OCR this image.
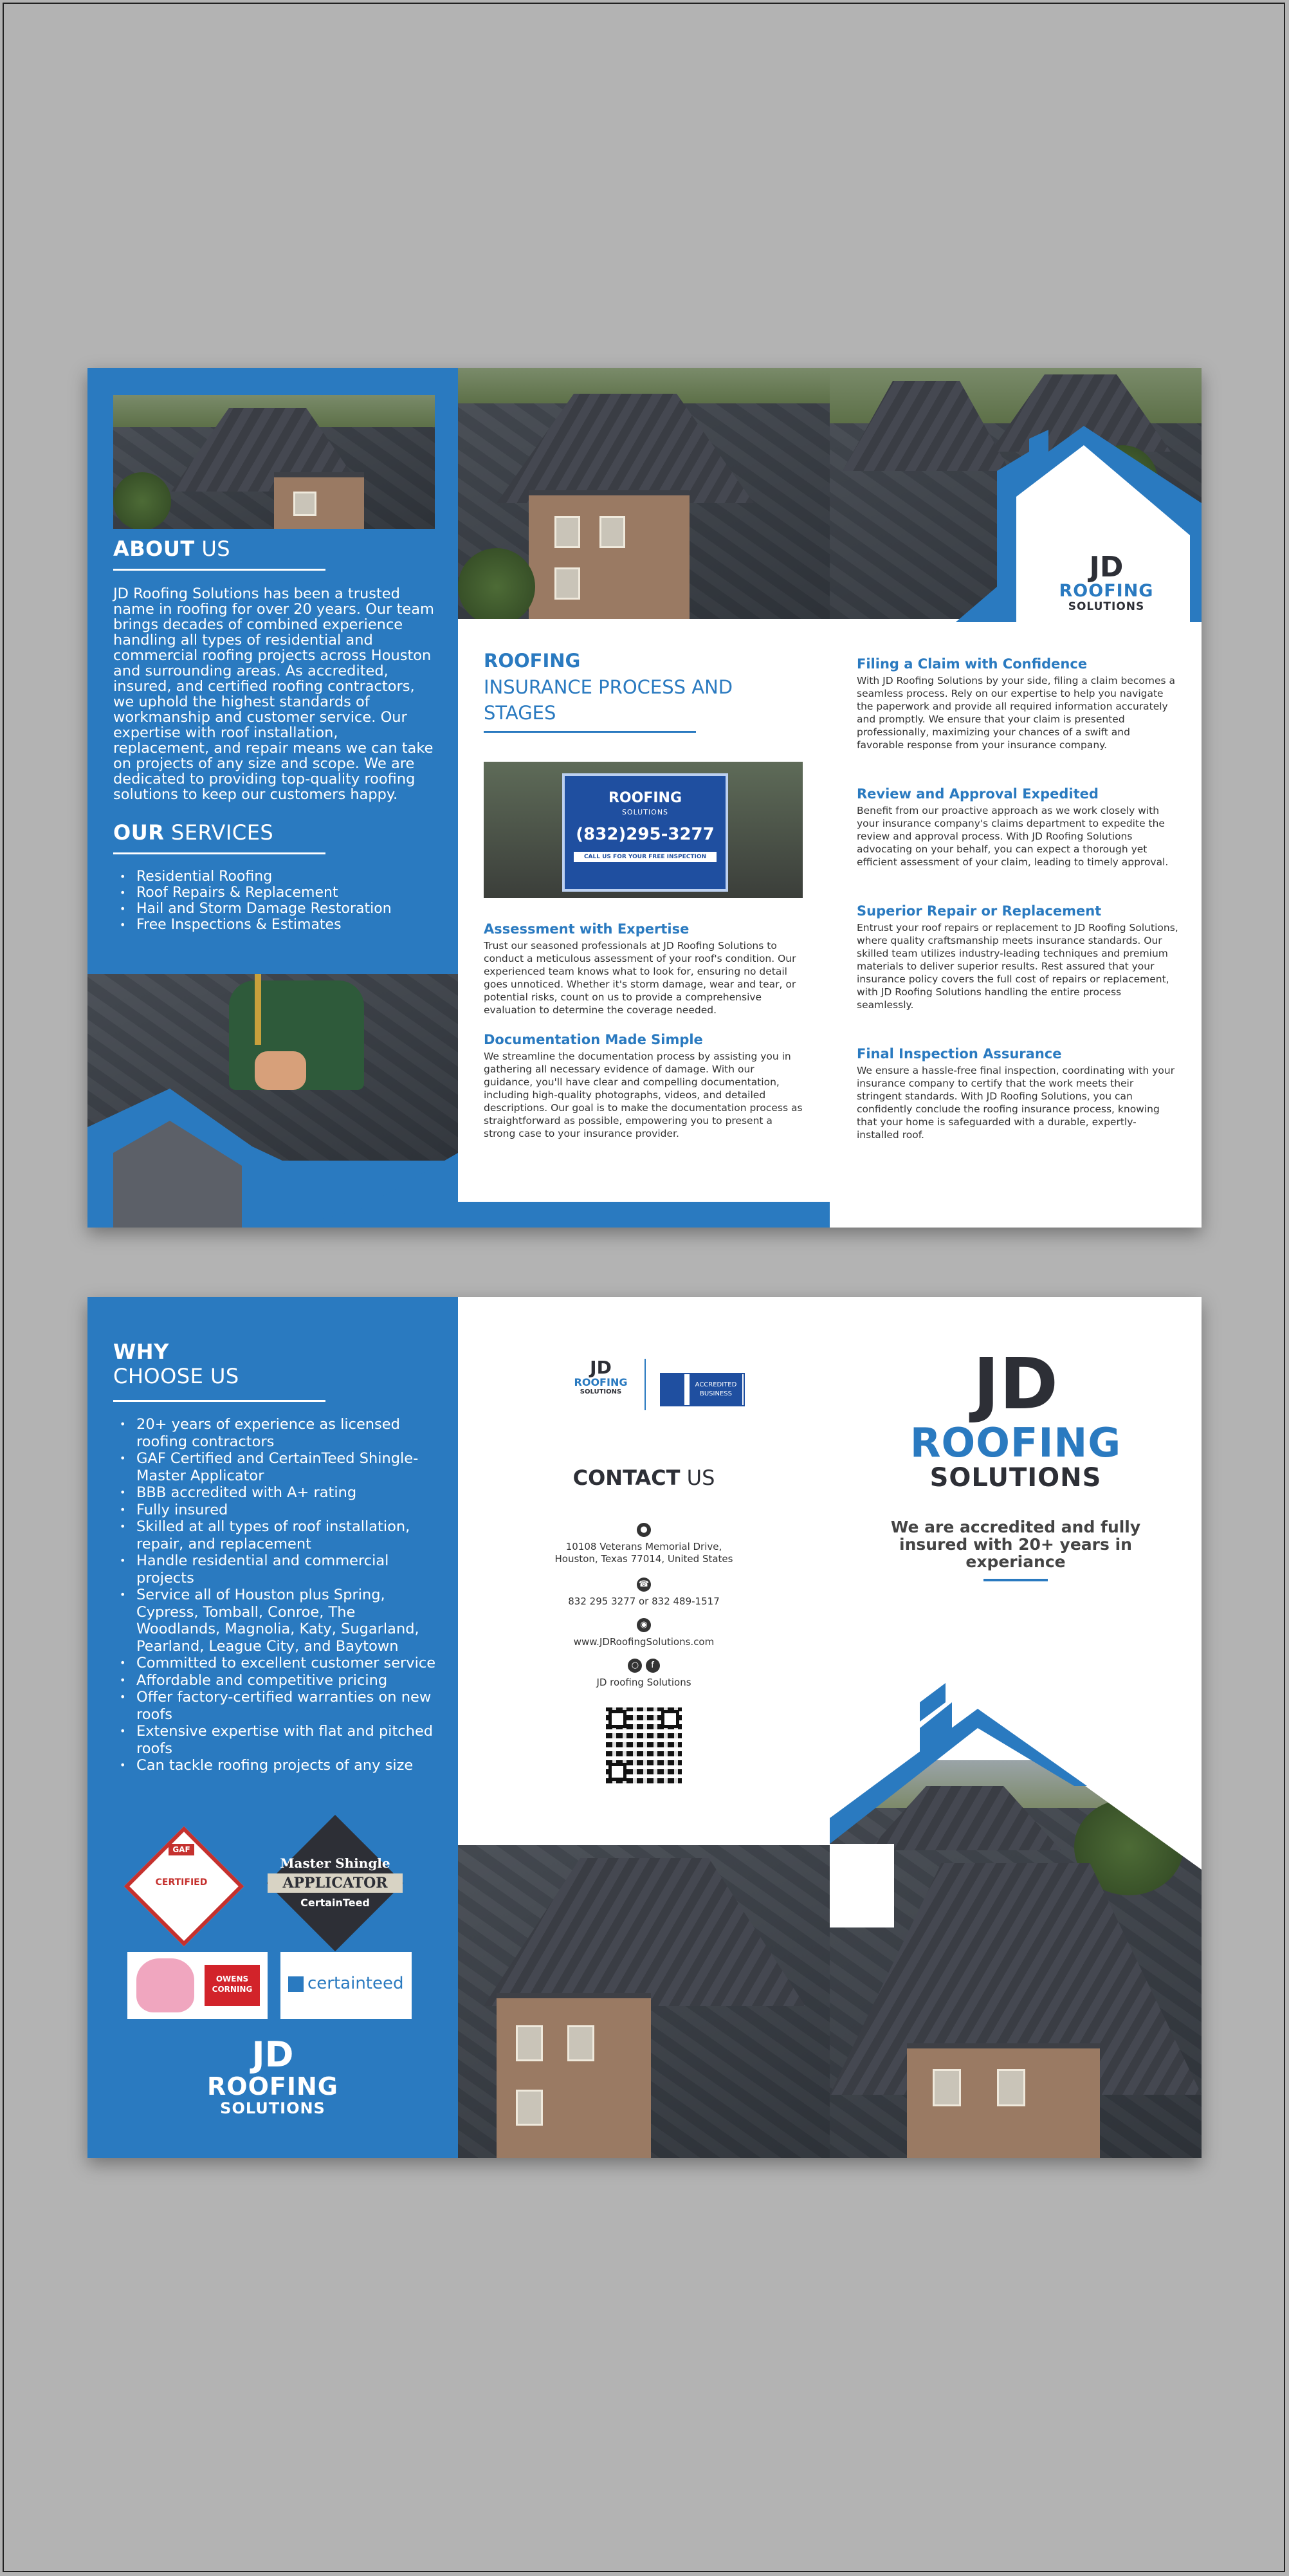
ABOUT US
JD Roofing Solutions has been a trusted name in roofing for over 20 years. Our team brings decades of combined experience handling all types of residential and commercial roofing projects across Houston and surrounding areas. As accredited, insured, and certified roofing contractors, we uphold the highest standards of workmanship and customer service. Our expertise with roof installation, replacement, and repair means we can take on projects of any size and scope. We are dedicated to providing top-quality roofing solutions to keep our customers happy.
OUR SERVICES
• Residential Roofing
• Roof Repairs & Replacement
• Hail and Storm Damage Restoration
• Free Inspections & Estimates
ROOFING
INSURANCE PROCESS AND STAGES
ROOFING
SOLUTIONS
(832)295-3277
CALL US FOR YOUR FREE INSPECTION
Assessment with Expertise
Trust our seasoned professionals at JD Roofing Solutions to conduct a meticulous assessment of your roof's condition. Our experienced team knows what to look for, ensuring no detail goes unnoticed. Whether it's storm damage, wear and tear, or potential risks, count on us to provide a comprehensive evaluation to determine the coverage needed.
Documentation Made Simple
We streamline the documentation process by assisting you in gathering all necessary evidence of damage. With our guidance, you'll have clear and compelling documentation, including high-quality photographs, videos, and detailed descriptions. Our goal is to make the documentation process as straightforward as possible, empowering you to present a strong case to your insurance provider.
JD
ROOFING
SOLUTIONS
Filing a Claim with Confidence
With JD Roofing Solutions by your side, filing a claim becomes a seamless process. Rely on our expertise to help you navigate the paperwork and provide all required information accurately and promptly. We ensure that your claim is presented professionally, maximizing your chances of a swift and favorable response from your insurance company.
Review and Approval Expedited
Benefit from our proactive approach as we work closely with your insurance company's claims department to expedite the review and approval process. With JD Roofing Solutions advocating on your behalf, you can expect a thorough yet efficient assessment of your claim, leading to timely approval.
Superior Repair or Replacement
Entrust your roof repairs or replacement to JD Roofing Solutions, where quality craftsmanship meets insurance standards. Our skilled team utilizes industry-leading techniques and premium materials to deliver superior results. Rest assured that your insurance policy covers the full cost of repairs or replacement, with JD Roofing Solutions handling the entire process seamlessly.
Final Inspection Assurance
We ensure a hassle-free final inspection, coordinating with your insurance company to certify that the work meets their stringent standards. With JD Roofing Solutions, you can confidently conclude the roofing insurance process, knowing that your home is safeguarded with a durable, expertly-installed roof.
WHY
CHOOSE US
• 20+ years of experience as licensed roofing contractors
• GAF Certified and CertainTeed Shingle-Master Applicator
• BBB accredited with A+ rating
• Fully insured
• Skilled at all types of roof installation, repair, and replacement
• Handle residential and commercial projects
• Service all of Houston plus Spring, Cypress, Tomball, Conroe, The Woodlands, Magnolia, Katy, Sugarland, Pearland, League City, and Baytown
• Committed to excellent customer service
• Affordable and competitive pricing
• Offer factory-certified warranties on new roofs
• Extensive expertise with flat and pitched roofs
• Can tackle roofing projects of any size
GAF
CERTIFIED
Master Shingle
APPLICATOR
CertainTeed
OWENS CORNING	certainteed
JD
ROOFING
SOLUTIONS
JD
ROOFING
SOLUTIONS
ACCREDITED
BUSINESS
CONTACT US
●
10108 Veterans Memorial Drive, Houston, Texas 77014, United States
☎
832 295 3277 or 832 489-1517
◉
www.JDRoofingSolutions.com
○ f
JD roofing Solutions
JD
ROOFING
SOLUTIONS
We are accredited and fully insured with 20+ years in experiance
